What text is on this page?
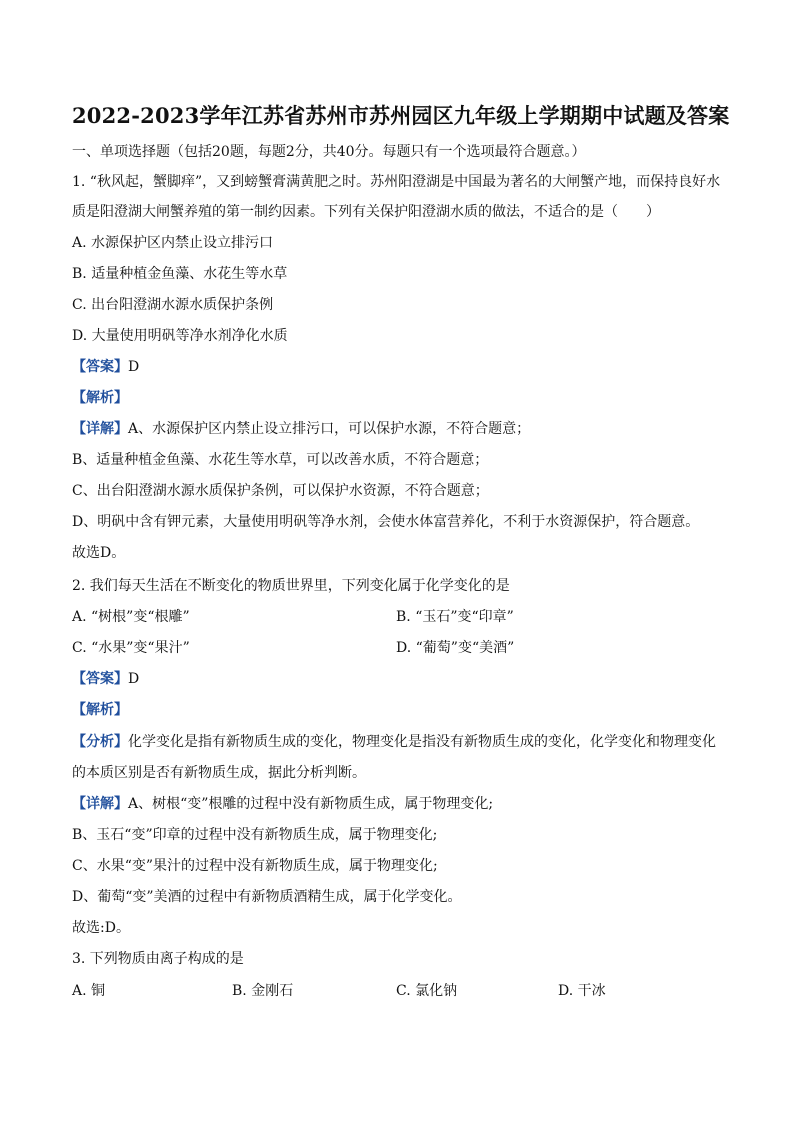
2022-2023学年江苏省苏州市苏州园区九年级上学期期中试题及答案
一、单项选择题（包括20题，每题2分，共40分。每题只有一个选项最符合题意。）
1. “秋风起，蟹脚痒”，又到螃蟹膏满黄肥之时。苏州阳澄湖是中国最为著名的大闸蟹产地，而保持良好水
质是阳澄湖大闸蟹养殖的第一制约因素。下列有关保护阳澄湖水质的做法，不适合的是（　　）
A. 水源保护区内禁止设立排污口
B. 适量种植金鱼藻、水花生等水草
C. 出台阳澄湖水源水质保护条例
D. 大量使用明矾等净水剂净化水质
【答案】D
【解析】
【详解】A、水源保护区内禁止设立排污口，可以保护水源，不符合题意；
B、适量种植金鱼藻、水花生等水草，可以改善水质，不符合题意；
C、出台阳澄湖水源水质保护条例，可以保护水资源，不符合题意；
D、明矾中含有钾元素，大量使用明矾等净水剂，会使水体富营养化，不利于水资源保护，符合题意。
故选D。
2. 我们每天生活在不断变化的物质世界里，下列变化属于化学变化的是
A. “树根”变“根雕”	B. “玉石”变“印章”
C. “水果”变“果汁”	D. “葡萄”变“美酒”
【答案】D
【解析】
【分析】化学变化是指有新物质生成的变化，物理变化是指没有新物质生成的变化，化学变化和物理变化
的本质区别是否有新物质生成，据此分析判断。
【详解】A、树根“变”根雕的过程中没有新物质生成，属于物理变化;
B、玉石“变”印章的过程中没有新物质生成，属于物理变化;
C、水果“变”果汁的过程中没有新物质生成，属于物理变化;
D、葡萄“变”美酒的过程中有新物质酒精生成，属于化学变化。
故选:D。
3. 下列物质由离子构成的是
A. 铜	B. 金刚石	C. 氯化钠	D. 干冰
